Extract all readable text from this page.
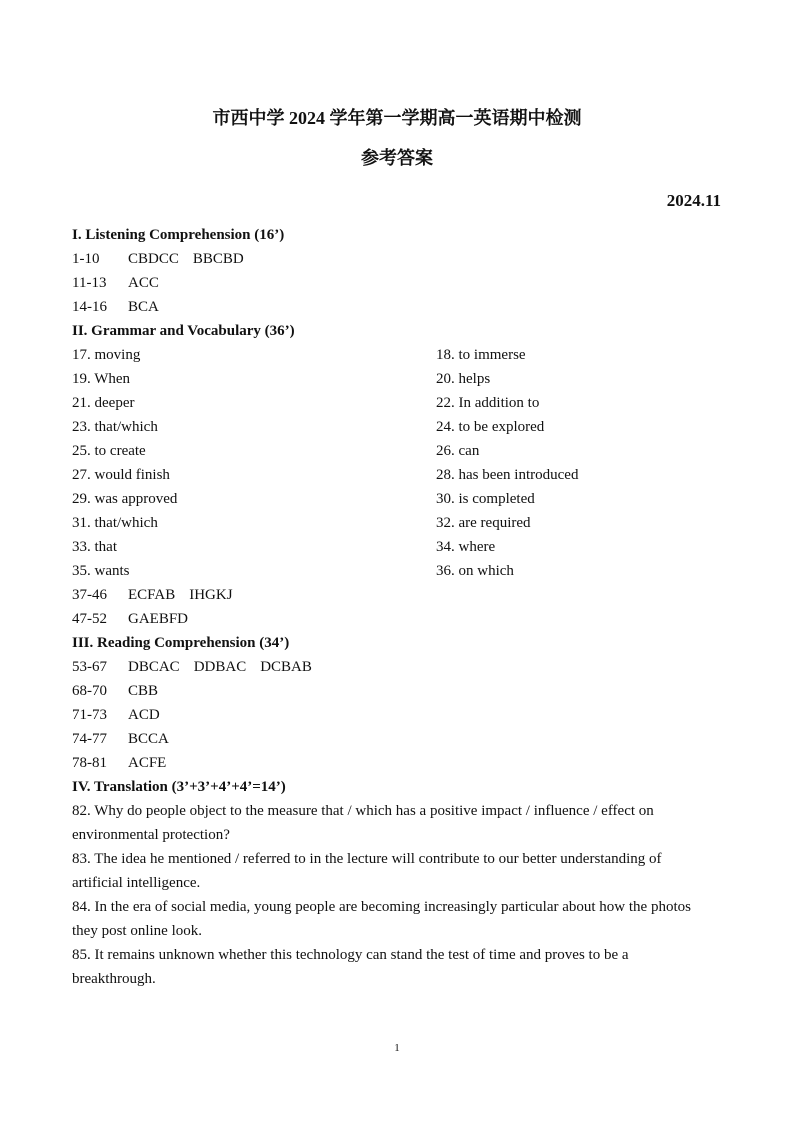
市西中学 2024 学年第一学期高一英语期中检测
参考答案
2024.11
I. Listening Comprehension (16’)
1-10 CBDCC BBCBD
11-13 ACC
14-16 BCA
II. Grammar and Vocabulary (36’)
17. moving	18. to immerse
19. When	20. helps
21. deeper	22. In addition to
23. that/which	24. to be explored
25. to create	26. can
27. would finish	28. has been introduced
29. was approved	30. is completed
31. that/which	32. are required
33. that	34. where
35. wants	36. on which
37-46 ECFAB IHGKJ
47-52 GAEBFD
III. Reading Comprehension (34’)
53-67 DBCAC DDBAC DCBAB
68-70 CBB
71-73 ACD
74-77 BCCA
78-81 ACFE
IV. Translation (3’+3’+4’+4’=14’)
82. Why do people object to the measure that / which has a positive impact / influence / effect on environmental protection?
83. The idea he mentioned / referred to in the lecture will contribute to our better understanding of artificial intelligence.
84. In the era of social media, young people are becoming increasingly particular about how the photos they post online look.
85. It remains unknown whether this technology can stand the test of time and proves to be a breakthrough.
1
